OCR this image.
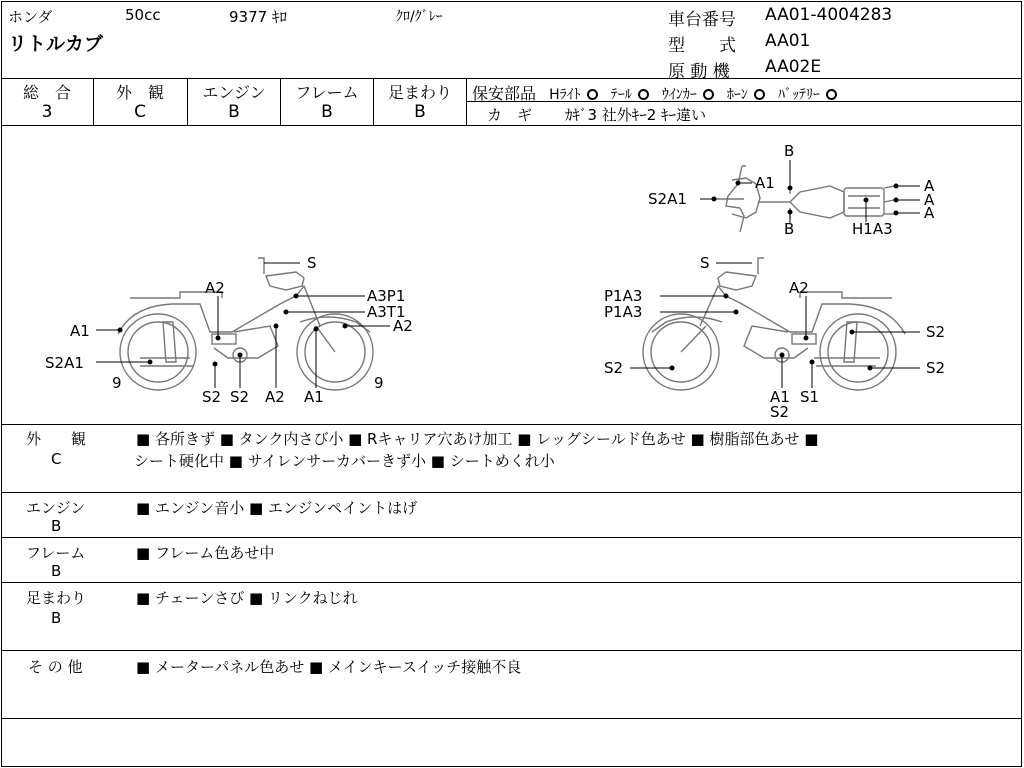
ホンダ	50cc	9377 ｷﾛ	ｸﾛ/ｸﾞﾚｰ
リトルカブ
車台番号 AA01-4004283
型　　式 AA01
原 動 機 AA02E
総　合
3
外　観
C
エンジン
B
フレーム
B
足まわり
B
保安部品 Hﾗｲﾄ ﾃｰﾙ ｳｲﾝｶｰ ﾎｰﾝ ﾊﾞｯﾃﾘｰ
カ　ギ ｶｷﾞ3 社外ｷｰ2 ｷｰ違い
B
A1
S2A1
B
A
A
A
H1A3
S
A2	A3P1
A3T1
A1	A2
S2A1
9
S2 S2 A2 A1
9
S
A2
P1A3
P1A3
S2
S2	S2
A1
S2
S1
外　　観
C
■ 各所きず ■ タンク内さび小 ■ Rキャリア穴あけ加工 ■ レッグシールド色あせ ■ 樹脂部色あせ ■
シート硬化中 ■ サイレンサーカバーきず小 ■ シートめくれ小
エンジン
B
■ エンジン音小 ■ エンジンペイントはげ
フレーム
B
■ フレーム色あせ中
足まわり
B
■ チェーンさび ■ リンクねじれ
そ の 他	■ メーターパネル色あせ ■ メインキースイッチ接触不良
